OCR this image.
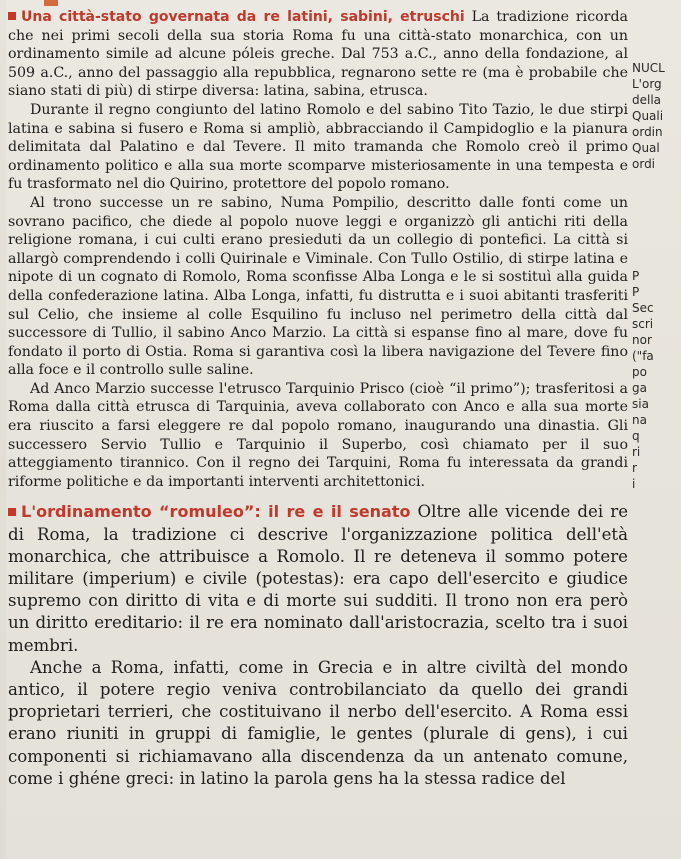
Una città-stato governata da re latini, sabini, etruschi La tradizione ricorda che nei primi secoli della sua storia Roma fu una città-stato monarchica, con un ordinamento simile ad alcune póleis greche. Dal 753 a.C., anno della fondazione, al 509 a.C., anno del passaggio alla repubblica, regnarono sette re (ma è probabile che siano stati di più) di stirpe diversa: latina, sabina, etrusca.

Durante il regno congiunto del latino Romolo e del sabino Tito Tazio, le due stirpi latina e sabina si fusero e Roma si ampliò, abbracciando il Campidoglio e la pianura delimitata dal Palatino e dal Tevere. Il mito tramanda che Romolo creò il primo ordinamento politico e alla sua morte scomparve misteriosamente in una tempesta e fu trasformato nel dio Quirino, protettore del popolo romano.

Al trono successe un re sabino, Numa Pompilio, descritto dalle fonti come un sovrano pacifico, che diede al popolo nuove leggi e organizzò gli antichi riti della religione romana, i cui culti erano presieduti da un collegio di pontefici. La città si allargò comprendendo i colli Quirinale e Viminale. Con Tullo Ostilio, di stirpe latina e nipote di un cognato di Romolo, Roma sconfisse Alba Longa e le si sostituì alla guida della confederazione latina. Alba Longa, infatti, fu distrutta e i suoi abitanti trasferiti sul Celio, che insieme al colle Esquilino fu incluso nel perimetro della città dal successore di Tullio, il sabino Anco Marzio. La città si espanse fino al mare, dove fu fondato il porto di Ostia. Roma si garantiva così la libera navigazione del Tevere fino alla foce e il controllo sulle saline.

Ad Anco Marzio successe l'etrusco Tarquinio Prisco (cioè “il primo”); trasferitosi a Roma dalla città etrusca di Tarquinia, aveva collaborato con Anco e alla sua morte era riuscito a farsi eleggere re dal popolo romano, inaugurando una dinastia. Gli successero Servio Tullio e Tarquinio il Superbo, così chiamato per il suo atteggiamento tirannico. Con il regno dei Tarquini, Roma fu interessata da grandi riforme politiche e da importanti interventi architettonici.

L'ordinamento “romuleo”: il re e il senato Oltre alle vicende dei re di Roma, la tradizione ci descrive l'organizzazione politica dell'età monarchica, che attribuisce a Romolo. Il re deteneva il sommo potere militare (imperium) e civile (potestas): era capo dell'esercito e giudice supremo con diritto di vita e di morte sui sudditi. Il trono non era però un diritto ereditario: il re era nominato dall'aristocrazia, scelto tra i suoi membri.

Anche a Roma, infatti, come in Grecia e in altre civiltà del mondo antico, il potere regio veniva controbilanciato da quello dei grandi proprietari terrieri, che costituivano il nerbo dell'esercito. A Roma essi erano riuniti in gruppi di famiglie, le gentes (plurale di gens), i cui componenti si richiamavano alla discendenza da un antenato comune, come i ghéne greci: in latino la parola gens ha la stessa radice del

NUCL
L'org
della
Quali
ordin
Qual
ordi
P
P
Sec
scri
nor
("fa
po
ga
sia
na
q
ri
r
i
